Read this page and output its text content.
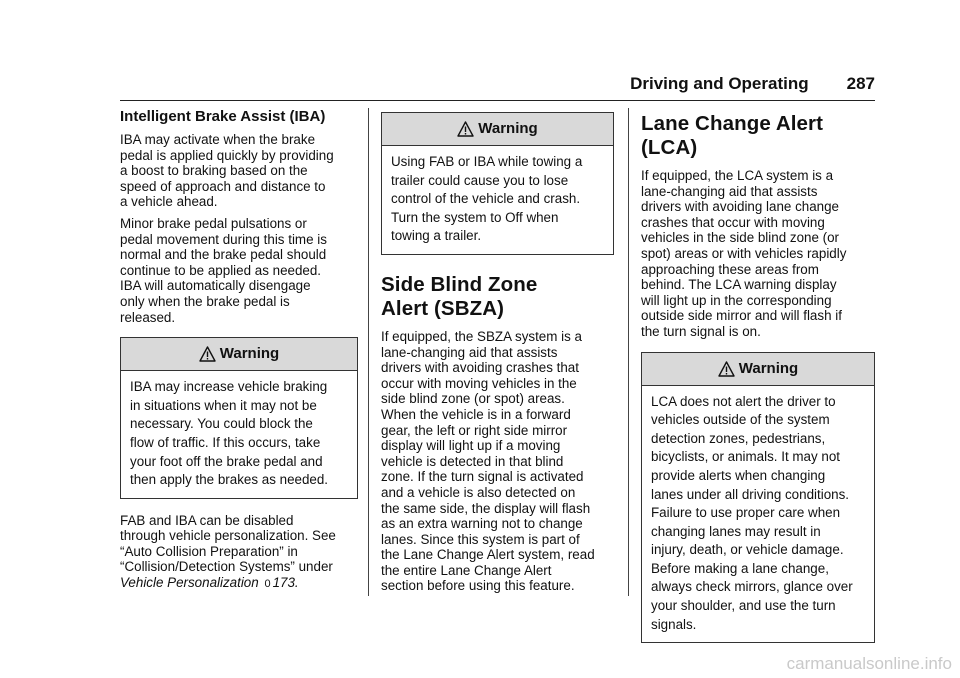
Driving and Operating 287
Intelligent Brake Assist (IBA)

IBA may activate when the brake
pedal is applied quickly by providing
a boost to braking based on the
speed of approach and distance to
a vehicle ahead.

Minor brake pedal pulsations or
pedal movement during this time is
normal and the brake pedal should
continue to be applied as needed.
IBA will automatically disengage
only when the brake pedal is
released.

Warning
IBA may increase vehicle braking
in situations when it may not be
necessary. You could block the
flow of traffic. If this occurs, take
your foot off the brake pedal and
then apply the brakes as needed.

FAB and IBA can be disabled
through vehicle personalization. See
“Auto Collision Preparation” in
“Collision/Detection Systems” under
Vehicle Personalization 0 173.

Warning
Using FAB or IBA while towing a
trailer could cause you to lose
control of the vehicle and crash.
Turn the system to Off when
towing a trailer.
Side Blind Zone
Alert (SBZA)

If equipped, the SBZA system is a
lane-changing aid that assists
drivers with avoiding crashes that
occur with moving vehicles in the
side blind zone (or spot) areas.
When the vehicle is in a forward
gear, the left or right side mirror
display will light up if a moving
vehicle is detected in that blind
zone. If the turn signal is activated
and a vehicle is also detected on
the same side, the display will flash
as an extra warning not to change
lanes. Since this system is part of
the Lane Change Alert system, read
the entire Lane Change Alert
section before using this feature.

Lane Change Alert (LCA)

If equipped, the LCA system is a
lane-changing aid that assists
drivers with avoiding lane change
crashes that occur with moving
vehicles in the side blind zone (or
spot) areas or with vehicles rapidly
approaching these areas from
behind. The LCA warning display
will light up in the corresponding
outside side mirror and will flash if
the turn signal is on.

Warning
LCA does not alert the driver to
vehicles outside of the system
detection zones, pedestrians,
bicyclists, or animals. It may not
provide alerts when changing
lanes under all driving conditions.
Failure to use proper care when
changing lanes may result in
injury, death, or vehicle damage.
Before making a lane change,
always check mirrors, glance over
your shoulder, and use the turn
signals.
carmanualsonline.info
